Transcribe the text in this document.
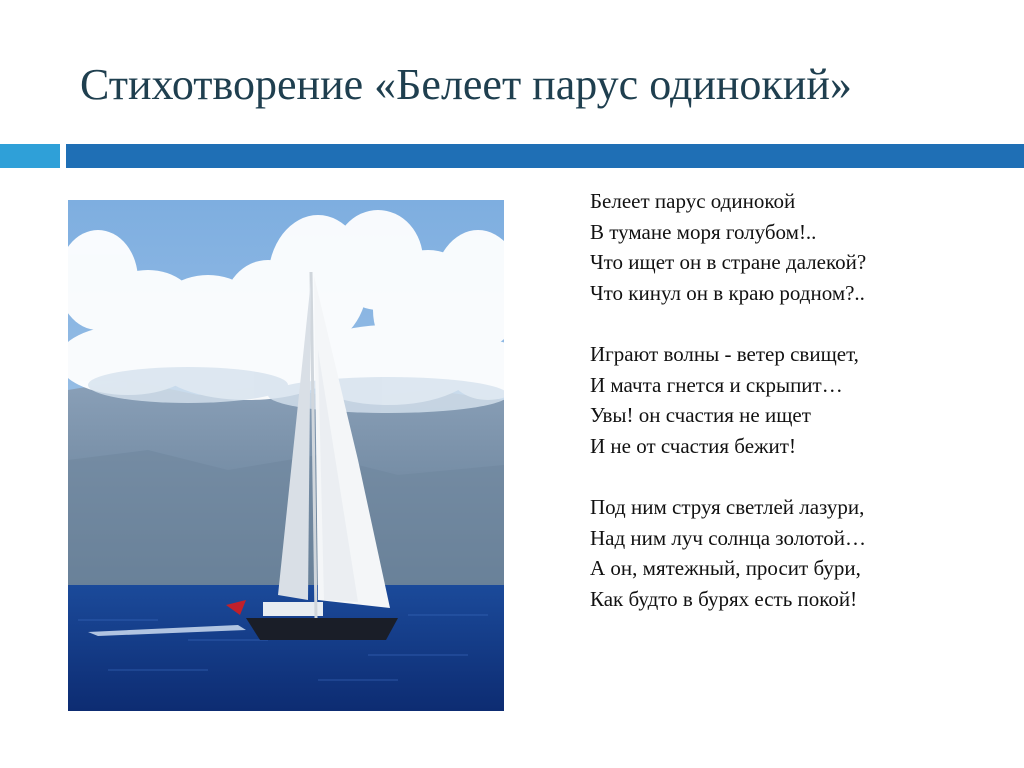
Стихотворение «Белеет парус одинокий»
Белеет парус одинокой
В тумане моря голубом!..
Что ищет он в стране далекой?
Что кинул он в краю родном?..
Играют волны - ветер свищет,
И мачта гнется и скрыпит…
Увы! он счастия не ищет
И не от счастия бежит!
Под ним струя светлей лазури,
Над ним луч солнца золотой…
А он, мятежный, просит бури,
Как будто в бурях есть покой!
